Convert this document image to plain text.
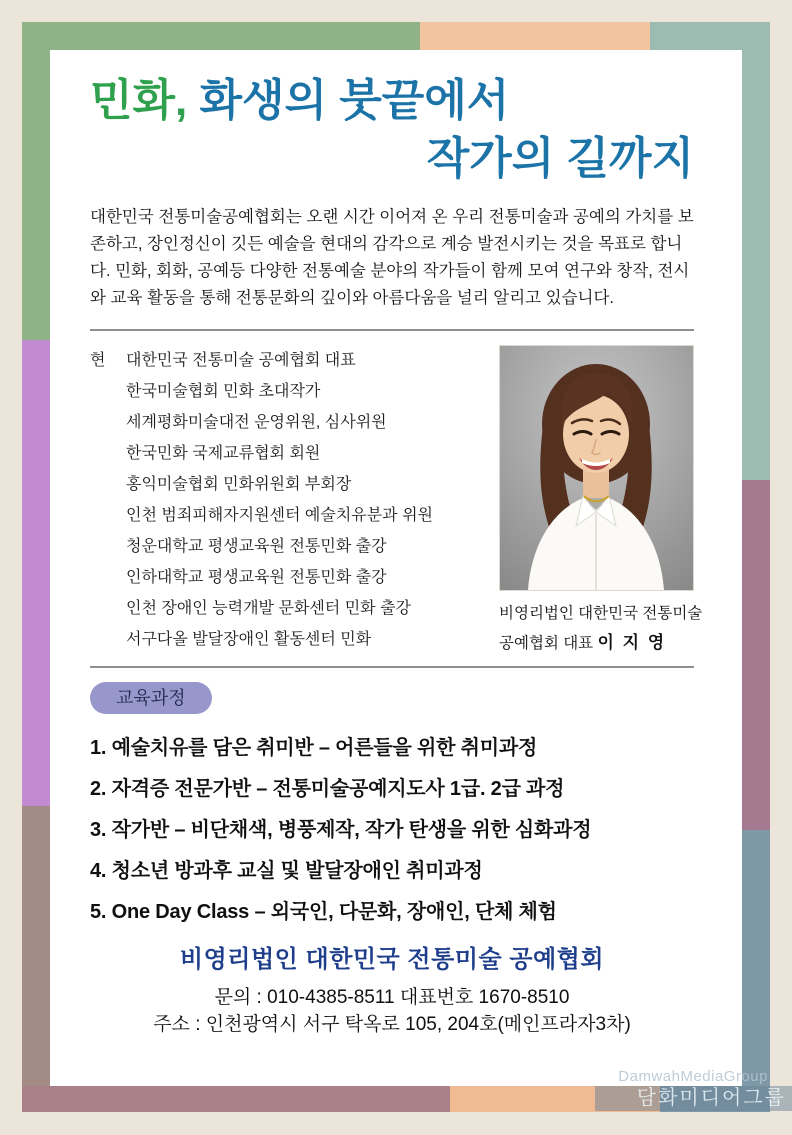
민화, 화생의 붓끝에서
작가의 길까지

대한민국 전통미술공예협회는 오랜 시간 이어져 온 우리 전통미술과 공예의 가치를 보존하고, 장인정신이 깃든 예술을 현대의 감각으로 계승 발전시키는 것을 목표로 합니다. 민화, 회화, 공예등 다양한 전통예술 분야의 작가들이 함께 모여 연구와 창작, 전시와 교육 활동을 통해 전통문화의 깊이와 아름다움을 널리 알리고 있습니다.

현 대한민국 전통미술 공예협회 대표
한국미술협회 민화 초대작가
세계평화미술대전 운영위원, 심사위원
한국민화 국제교류협회 회원
홍익미술협회 민화위원회 부회장
인천 범죄피해자지원센터 예술치유분과 위원
청운대학교 평생교육원 전통민화 출강
인하대학교 평생교육원 전통민화 출강
인천 장애인 능력개발 문화센터 민화 출강
서구다올 발달장애인 활동센터 민화
비영리법인 대한민국 전통미술
공예협회 대표 이 지 영
교육과정
1. 예술치유를 담은 취미반 – 어른들을 위한 취미과정
2. 자격증 전문가반 – 전통미술공예지도사 1급. 2급 과정
3. 작가반 – 비단채색, 병풍제작, 작가 탄생을 위한 심화과정
4. 청소년 방과후 교실 및 발달장애인 취미과정
5. One Day Class – 외국인, 다문화, 장애인, 단체 체험
비영리법인 대한민국 전통미술 공예협회
문의 : 010-4385-8511 대표번호 1670-8510
주소 : 인천광역시 서구 탁옥로 105, 204호(메인프라자3차)
DamwahMediaGroup
담화미디어그룹
